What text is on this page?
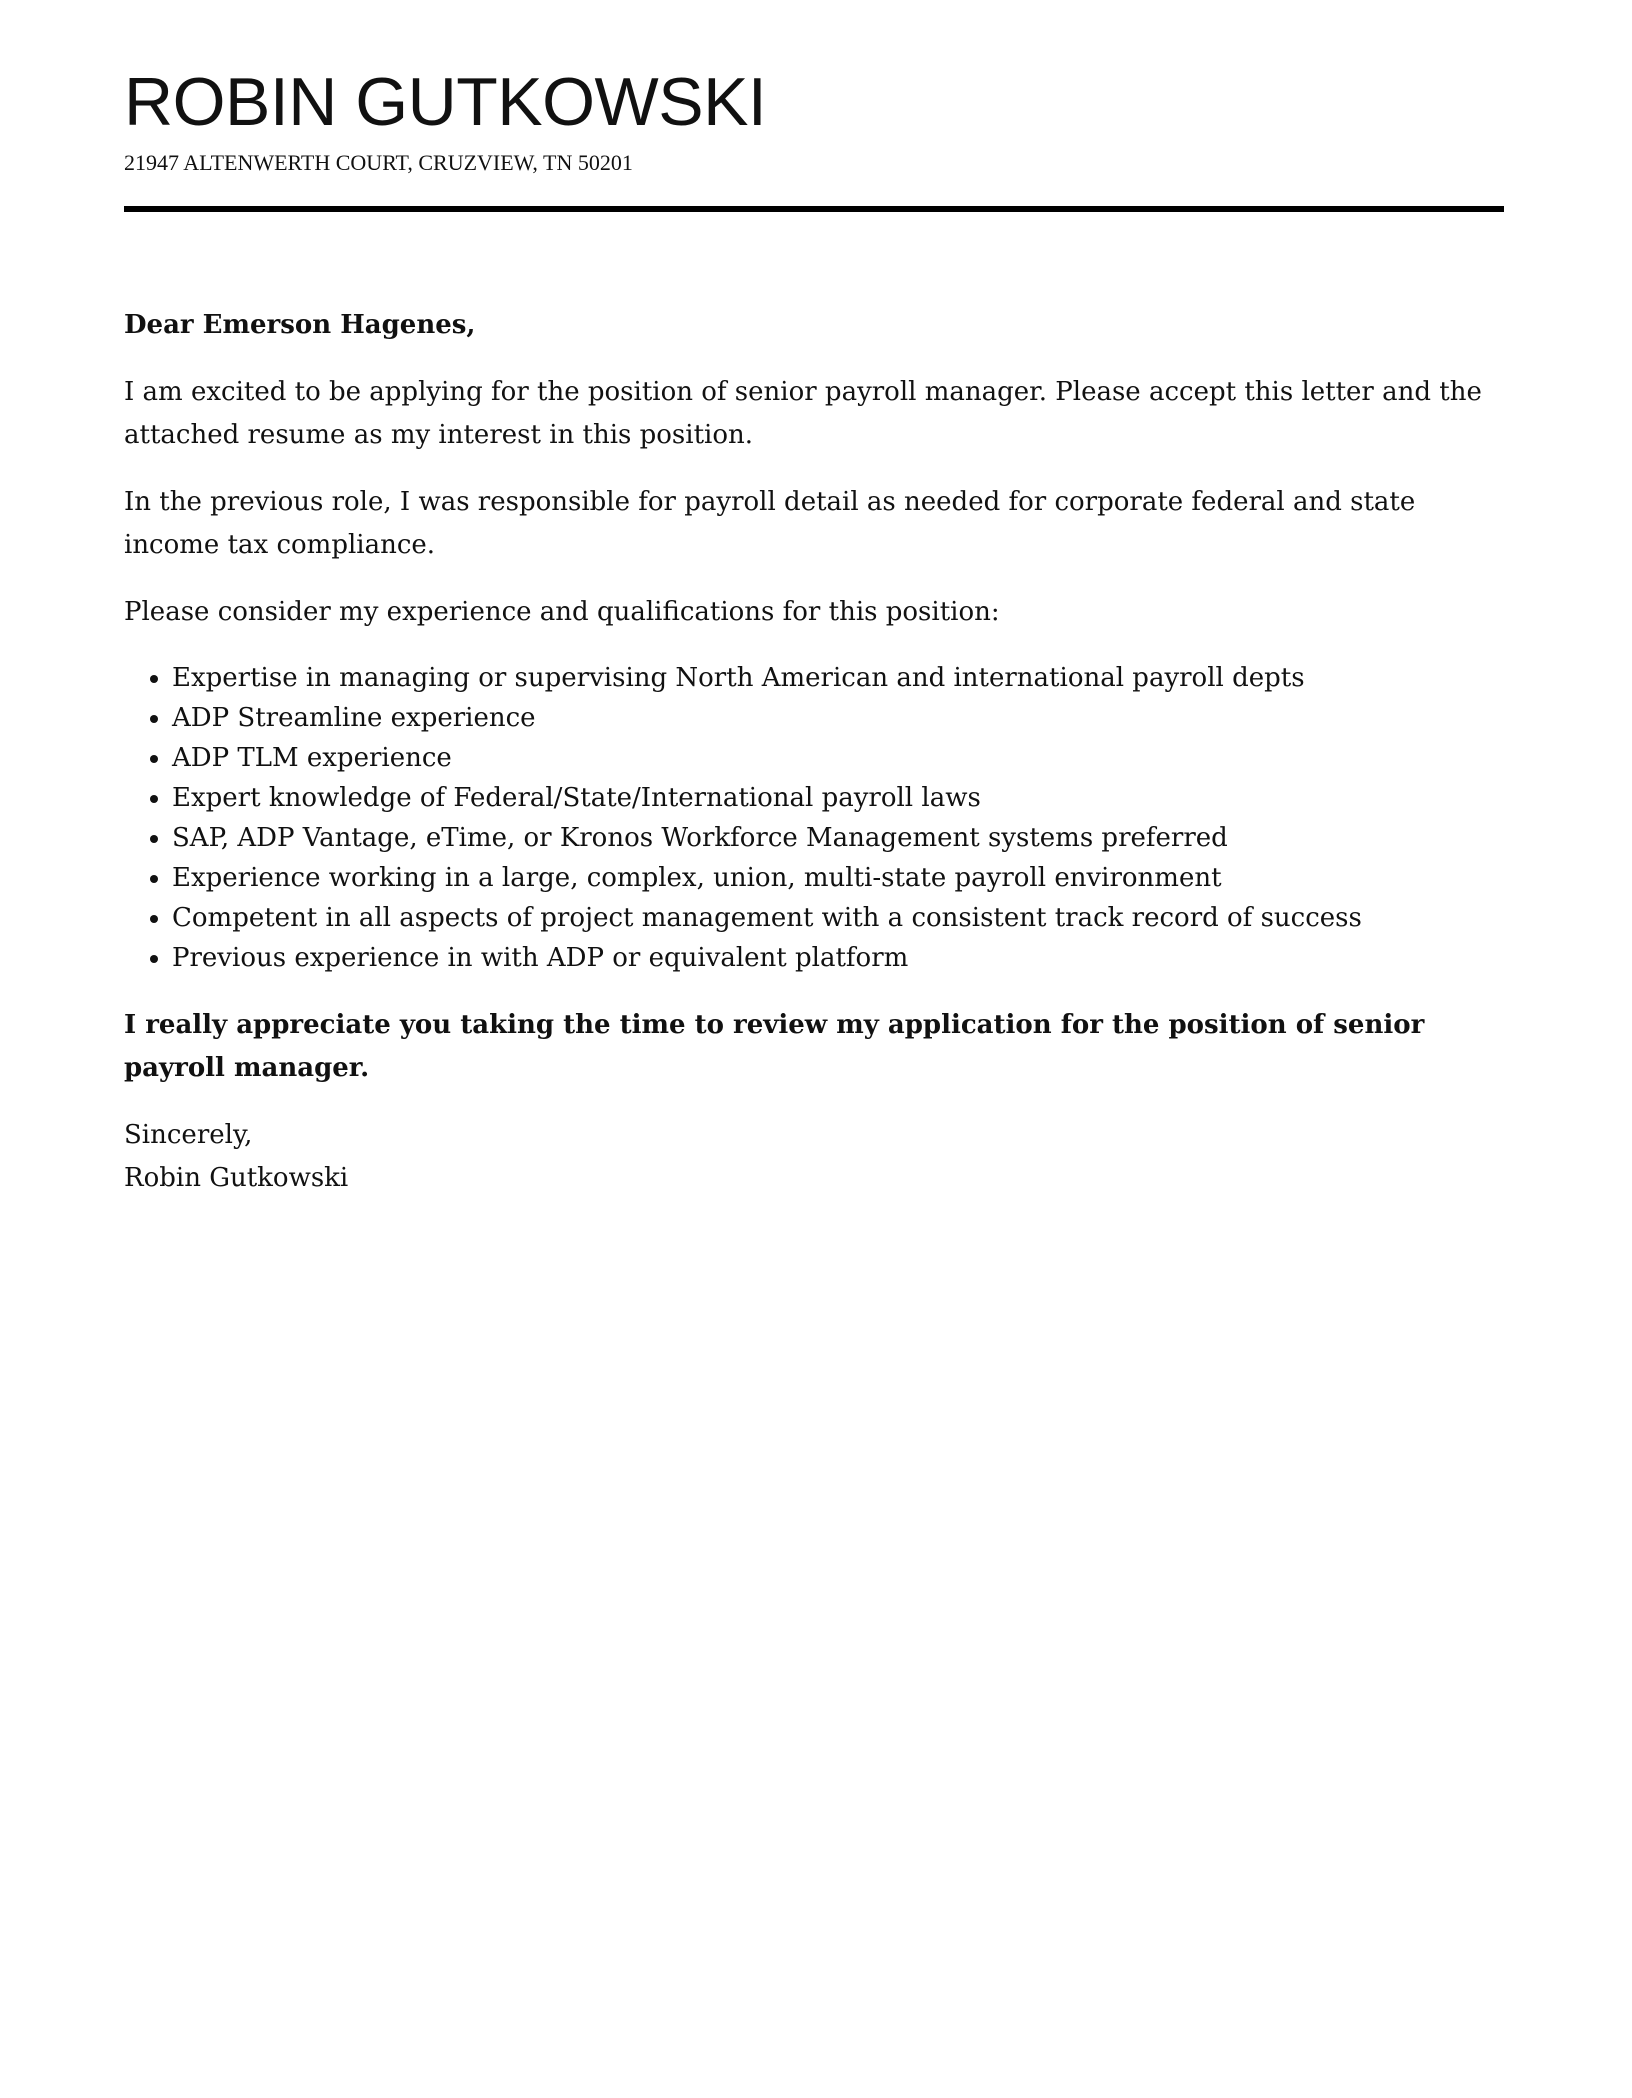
ROBIN GUTKOWSKI
21947 ALTENWERTH COURT, CRUZVIEW, TN 50201

Dear Emerson Hagenes,

I am excited to be applying for the position of senior payroll manager. Please accept this letter and the attached resume as my interest in this position.

In the previous role, I was responsible for payroll detail as needed for corporate federal and state income tax compliance.

Please consider my experience and qualifications for this position:

• Expertise in managing or supervising North American and international payroll depts
• ADP Streamline experience
• ADP TLM experience
• Expert knowledge of Federal/State/International payroll laws
• SAP, ADP Vantage, eTime, or Kronos Workforce Management systems preferred
• Experience working in a large, complex, union, multi-state payroll environment
• Competent in all aspects of project management with a consistent track record of success
• Previous experience in with ADP or equivalent platform

I really appreciate you taking the time to review my application for the position of senior payroll manager.

Sincerely,
Robin Gutkowski
